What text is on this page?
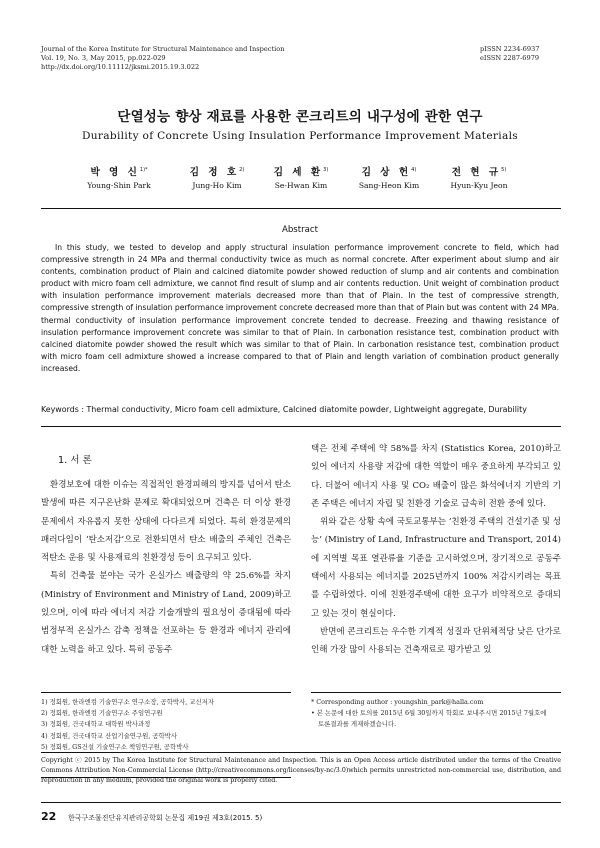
Journal of the Korea Institute for Structural Maintenance and Inspection
Vol. 19, No. 3, May 2015, pp.022-029
http://dx.doi.org/10.11112/jksmi.2015.19.3.022
pISSN 2234-6937
eISSN 2287-6979
단열성능 향상 재료를 사용한 콘크리트의 내구성에 관한 연구
Durability of Concrete Using Insulation Performance Improvement Materials
박 영 신$^{1)*}$
Young-Shin Park
김 정 호$^{2)}$
Jung-Ho Kim
김 세 환$^{3)}$
Se-Hwan Kim
김 상 헌$^{4)}$
Sang-Heon Kim
전 현 규$^{5)}$
Hyun-Kyu Jeon
Abstract
In this study, we tested to develop and apply structural insulation performance improvement concrete to field, which had compressive strength in 24 MPa and thermal conductivity twice as much as normal concrete. After experiment about slump and air contents, combination product of Plain and calcined diatomite powder showed reduction of slump and air contents and combination product with micro foam cell admixture, we cannot find result of slump and air contents reduction. Unit weight of combination product with insulation performance improvement materials decreased more than that of Plain. In the test of compressive strength, compressive strength of insulation performance improvement concrete decreased more than that of Plain but was content with 24 MPa. thermal conductivity of insulation performance improvement concrete tended to decrease. Freezing and thawing resistance of insulation performance improvement concrete was similar to that of Plain. In carbonation resistance test, combination product with calcined diatomite powder showed the result which was similar to that of Plain. In carbonation resistance test, combination product with micro foam cell admixture showed a increase compared to that of Plain and length variation of combination product generally increased.
Keywords : Thermal conductivity, Micro foam cell admixture, Calcined diatomite powder, Lightweight aggregate, Durability
1. 서 론

환경보호에 대한 이슈는 직접적인 환경피해의 방지를 넘어서 탄소발생에 따른 지구온난화 문제로 확대되었으며 건축은 더 이상 환경문제에서 자유롭지 못한 상태에 다다르게 되었다. 특히 환경문제의 패러다임이 ‘탄소저감’으로 전환되면서 탄소 배출의 주체인 건축은 적탄소 운용 및 사용재료의 친환경성 등이 요구되고 있다.

특히 건축물 분야는 국가 온실가스 배출량의 약 25.6%를 차지 (Ministry of Environment and Ministry of Land, 2009)하고 있으며, 이에 따라 에너지 저감 기술개발의 필요성이 증대됨에 따라 범정부적 온실가스 감축 정책을 선포하는 등 환경과 에너지 관리에 대한 노력을 하고 있다. 특히 공동주

택은 전체 주택에 약 58%를 차지 (Statistics Korea, 2010)하고 있어 에너지 사용량 저감에 대한 역할이 매우 중요하게 부각되고 있다. 더불어 에너지 사용 및 CO₂ 배출이 많은 화석에너지 기반의 기존 주택은 에너지 자립 및 친환경 기술로 급속히 전환 중에 있다.

위와 같은 상황 속에 국토교통부는 ‘친환경 주택의 건설기준 및 성능’ (Ministry of Land, Infrastructure and Transport, 2014)에 지역별 목표 열관류율 기준을 고시하였으며, 장기적으로 공동주택에서 사용되는 에너지를 2025년까지 100% 저감시키려는 목표를 수립하였다. 이에 친환경주택에 대한 요구가 비약적으로 증대되고 있는 것이 현실이다.

반면에 콘크리트는 우수한 기계적 성질과 단위체적당 낮은 단가로 인해 가장 많이 사용되는 건축재료로 평가받고 있

1) 정회원, 한라엔컴 기술연구소 연구소장, 공학박사, 교신저자
2) 정회원, 한라엔컴 기술연구소 주임연구원
3) 정회원, 건국대학교 대학원 박사과정
4) 정회원, 건국대학교 산업기술연구원, 공학박사
5) 정회원, GS건설 기술연구소 책임연구원, 공학박사
* Corresponding author : youngshin_park@halla.com
• 본 논문에 대한 토의를 2015년 6월 30일까지 학회로 보내주시면 2015년 7월호에
토론결과를 게재하겠습니다.
Copyright ⓒ 2015 by The Korea Institute for Structural Maintenance and Inspection. This is an Open Access article distributed under the terms of the Creative Commons Attribution Non-Commercial License (http://creativecommons.org/licenses/by-nc/3.0)which permits unrestricted non-commercial use, distribution, and reproduction in any medium, provided the original work is properly cited.
22 한국구조물진단유지관리공학회 논문집 제19권 제3호(2015. 5)
